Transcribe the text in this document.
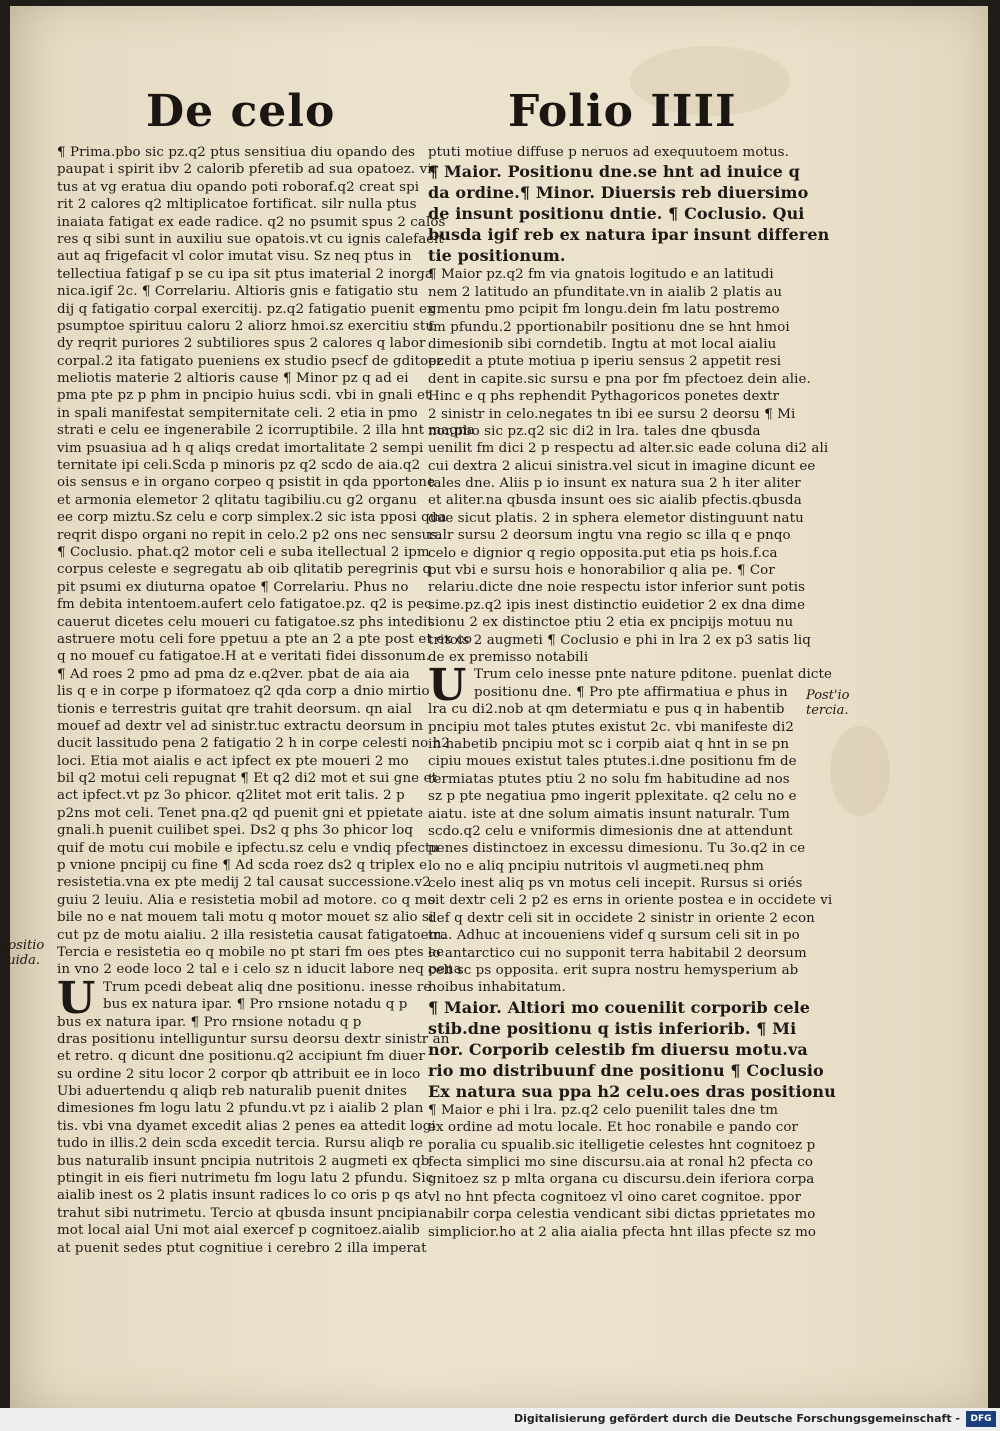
De celo	Folio IIII
¶ Prima.pbo sic pz.q2 ptus sensitiua diu opando des
paupat i spirit ibv 2 calorib pferetib ad sua opatoez. vir
tus at vg eratua diu opando poti roboraf.q2 creat spi
rit 2 calores q2 mltiplicatoe fortificat. silr nulla ptus
inaiata fatigat ex eade radice. q2 no psumit spus 2 calos
res q sibi sunt in auxiliu sue opatois.vt cu ignis calefacit
aut aq frigefacit vl color imutat visu. Sz neq ptus in
tellectiua fatigaf p se cu ipa sit ptus imaterial 2 inorga
nica.igif 2c. ¶ Correlariu. Altioris gnis e fatigatio stu
dij q fatigatio corpal exercitij. pz.q2 fatigatio puenit ex
psumptoe spirituu caloru 2 aliorz hmoi.sz exercitiu stu
dy reqrit puriores 2 subtiliores spus 2 calores q labor
corpal.2 ita fatigato pueniens ex studio psecf de gditoez
meliotis materie 2 altioris cause ¶ Minor pz q ad ei
pma pte pz p phm in pncipio huius scdi. vbi in gnali et
in spali manifestat sempiternitate celi. 2 etia in pmo
strati e celu ee ingenerabile 2 icorruptibile. 2 illa hnt magna
vim psuasiua ad h q aliqs credat imortalitate 2 sempi
ternitate ipi celi.Scda p minoris pz q2 scdo de aia.q2
ois sensus e in organo corpeo q psistit in qda pportone
et armonia elemetor 2 qlitatu tagibiliu.cu g2 organu
ee corp miztu.Sz celu e corp simplex.2 sic ista pposi qua
reqrit dispo organi no repit in celo.2 p2 ons nec sensus.
¶ Coclusio. phat.q2 motor celi e suba itellectual 2 ipm
corpus celeste e segregatu ab oib qlitatib peregrinis q
pit psumi ex diuturna opatoe ¶ Correlariu. Phus no
fm debita intentoem.aufert celo fatigatoe.pz. q2 is pec
cauerut dicetes celu moueri cu fatigatoe.sz phs intedit
astruere motu celi fore ppetuu a pte an 2 a pte post et ex co
q no mouef cu fatigatoe.H at e veritati fidei dissonum.
¶ Ad roes 2 pmo ad pma dz e.q2ver. pbat de aia aia
lis q e in corpe p iformatoez q2 qda corp a dnio mirtio
tionis e terrestris guitat qre trahit deorsum. qn aial
mouef ad dextr vel ad sinistr.tuc extractu deorsum in
ducit lassitudo pena 2 fatigatio 2 h in corpe celesti no h2
loci. Etia mot aialis e act ipfect ex pte moueri 2 mo
bil q2 motui celi repugnat ¶ Et q2 di2 mot et sui gne et
act ipfect.vt pz 3o phicor. q2litet mot erit talis. 2 p
p2ns mot celi. Tenet pna.q2 qd puenit gni et ppietate
gnali.h puenit cuilibet spei. Ds2 q phs 3o phicor loq
quif de motu cui mobile e ipfectu.sz celu e vndiq pfectu
p vnione pncipij cu fine ¶ Ad scda roez ds2 q triplex e
resistetia.vna ex pte medij 2 tal causat successione.v2
guiu 2 leuiu. Alia e resistetia mobil ad motore. co q mo
bile no e nat mouem tali motu q motor mouet sz alio si
cut pz de motu aialiu. 2 illa resistetia causat fatigatoem.
Tercia e resistetia eo q mobile no pt stari fm oes ptes ee
in vno 2 eode loco 2 tal e i celo sz n iducit labore neq pena
U Trum pcedi debeat aliq dne positionu. inesse re
bus ex natura ipar. ¶ Pro rnsione notadu q p
bus ex natura ipar. ¶ Pro rnsione notadu q p
dras positionu intelliguntur sursu deorsu dextr sinistr an
et retro. q dicunt dne positionu.q2 accipiunt fm diuer
su ordine 2 situ locor 2 corpor qb attribuit ee in loco
Ubi aduertendu q aliqb reb naturalib puenit dnites
dimesiones fm logu latu 2 pfundu.vt pz i aialib 2 plan
tis. vbi vna dyamet excedit alias 2 penes ea attedit logi
tudo in illis.2 dein scda excedit tercia. Rursu aliqb re
bus naturalib insunt pncipia nutritois 2 augmeti ex qb
ptingit in eis fieri nutrimetu fm logu latu 2 pfundu. Sic
aialib inest os 2 platis insunt radices lo co oris p qs at
trahut sibi nutrimetu. Tercio at qbusda insunt pncipia
mot local aial Uni mot aial exercef p cognitoez.aialib
at puenit sedes ptut cognitiue i cerebro 2 illa imperat
ptuti motiue diffuse p neruos ad exequutoem motus.
¶ Maior. Positionu dne.se hnt ad inuice q
da ordine.¶ Minor. Diuersis reb diuersimo
de insunt positionu dntie. ¶ Coclusio. Qui
busda igif reb ex natura ipar insunt differen
tie positionum.
¶ Maior pz.q2 fm via gnatois logitudo e an latitudi
nem 2 latitudo an pfunditate.vn in aialib 2 platis au
gmentu pmo pcipit fm longu.dein fm latu postremo
fm pfundu.2 pportionabilr positionu dne se hnt hmoi
dimesionib sibi corndetib. Ingtu at mot local aialiu
pcedit a ptute motiua p iperiu sensus 2 appetit resi
dent in capite.sic sursu e pna por fm pfectoez dein alie.
Hinc e q phs rephendit Pythagoricos ponetes dextr
2 sinistr in celo.negates tn ibi ee sursu 2 deorsu ¶ Mi
nor.pbo sic pz.q2 sic di2 in lra. tales dne qbusda
uenilit fm dici 2 p respectu ad alter.sic eade coluna di2 ali
cui dextra 2 alicui sinistra.vel sicut in imagine dicunt ee
tales dne. Aliis p io insunt ex natura sua 2 h iter aliter
et aliter.na qbusda insunt oes sic aialib pfectis.qbusda
due sicut platis. 2 in sphera elemetor distinguunt natu
ralr sursu 2 deorsum ingtu vna regio sc illa q e pnqo
celo e dignior q regio opposita.put etia ps hois.f.ca
put vbi e sursu hois e honorabilior q alia pe. ¶ Cor
relariu.dicte dne noie respectu istor inferior sunt potis
sime.pz.q2 ipis inest distinctio euidetior 2 ex dna dime
sionu 2 ex distinctoe ptiu 2 etia ex pncipijs motuu nu
tritois 2 augmeti ¶ Coclusio e phi in lra 2 ex p3 satis liq
de ex premisso notabili
U Trum celo inesse pnte nature pditone. puenlat dicte
positionu dne. ¶ Pro pte affirmatiua e phus in
lra cu di2.nob at qm determiatu e pus q in habentib
pncipiu mot tales ptutes existut 2c. vbi manifeste di2
in habetib pncipiu mot sc i corpib aiat q hnt in se pn
cipiu moues existut tales ptutes.i.dne positionu fm de
termiatas ptutes ptiu 2 no solu fm habitudine ad nos
sz p pte negatiua pmo ingerit pplexitate. q2 celu no e
aiatu. iste at dne solum aimatis insunt naturalr. Tum
scdo.q2 celu e vniformis dimesionis dne at attendunt
penes distinctoez in excessu dimesionu. Tu 3o.q2 in ce
lo no e aliq pncipiu nutritois vl augmeti.neq phm
celo inest aliq ps vn motus celi incepit. Rursus si oriés
sit dextr celi 2 p2 es erns in oriente postea e in occidete vi
def q dextr celi sit in occidete 2 sinistr in oriente 2 econ
tra. Adhuc at incoueniens videf q sursum celi sit in po
lo antarctico cui no supponit terra habitabil 2 deorsum
celi sc ps opposita. erit supra nostru hemysperium ab
hoibus inhabitatum.
¶ Maior. Altiori mo couenilit corporib cele
stib.dne positionu q istis inferiorib. ¶ Mi
nor. Corporib celestib fm diuersu motu.va
rio mo distribuunf dne positionu ¶ Coclusio
Ex natura sua ppa h2 celu.oes dras positionu
¶ Maior e phi i lra. pz.q2 celo puenilit tales dne tm
ex ordine ad motu locale. Et hoc ronabile e pando cor
poralia cu spualib.sic itelligetie celestes hnt cognitoez p
fecta simplici mo sine discursu.aia at ronal h2 pfecta co
gnitoez sz p mlta organa cu discursu.dein iferiora corpa
vl no hnt pfecta cognitoez vl oino caret cognitoe. ppor
nabilr corpa celestia vendicant sibi dictas pprietates mo
simplicior.ho at 2 alia aialia pfecta hnt illas pfecte sz mo
Post'io tercia.
positio cuida.
Digitalisierung gefördert durch die Deutsche Forschungsgemeinschaft -	DFG
